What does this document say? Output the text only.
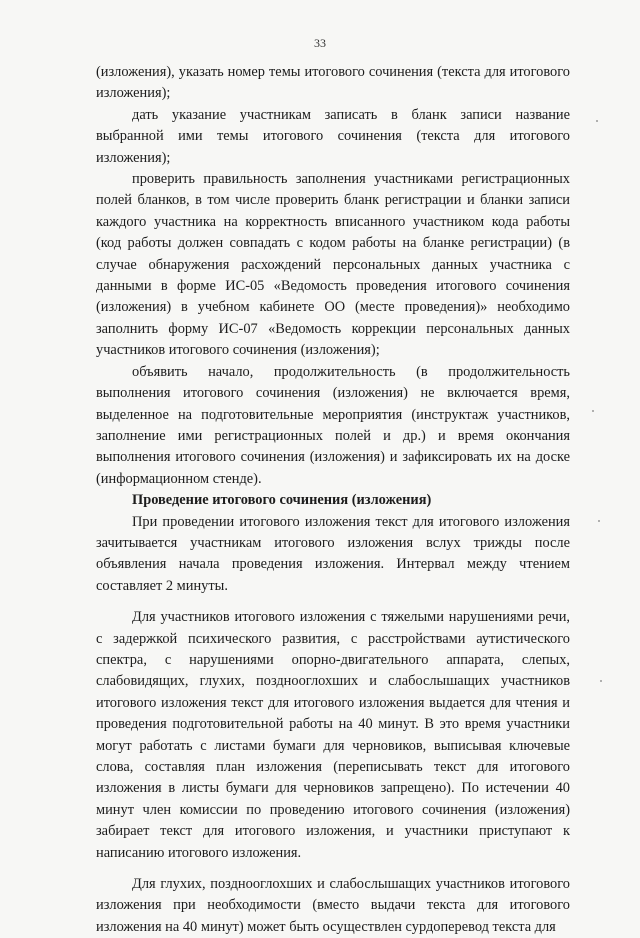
33

(изложения), указать номер темы итогового сочинения (текста для итогового изложения);

дать указание участникам записать в бланк записи название выбранной ими темы итогового сочинения (текста для итогового изложения);

проверить правильность заполнения участниками регистрационных полей бланков, в том числе проверить бланк регистрации и бланки записи каждого участника на корректность вписанного участником кода работы (код работы должен совпадать с кодом работы на бланке регистрации) (в случае обнаружения расхождений персональных данных участника с данными в форме ИС-05 «Ведомость проведения итогового сочинения (изложения) в учебном кабинете ОО (месте проведения)» необходимо заполнить форму ИС-07 «Ведомость коррекции персональных данных участников итогового сочинения (изложения);

объявить начало, продолжительность (в продолжительность выполнения итогового сочинения (изложения) не включается время, выделенное на подготовительные мероприятия (инструктаж участников, заполнение ими регистрационных полей и др.) и время окончания выполнения итогового сочинения (изложения) и зафиксировать их на доске (информационном стенде).

Проведение итогового сочинения (изложения)

При проведении итогового изложения текст для итогового изложения зачитывается участникам итогового изложения вслух трижды после объявления начала проведения изложения. Интервал между чтением составляет 2 минуты.

Для участников итогового изложения с тяжелыми нарушениями речи, с задержкой психического развития, с расстройствами аутистического спектра, с нарушениями опорно-двигательного аппарата, слепых, слабовидящих, глухих, позднооглохших и слабослышащих участников итогового изложения текст для итогового изложения выдается для чтения и проведения подготовительной работы на 40 минут. В это время участники могут работать с листами бумаги для черновиков, выписывая ключевые слова, составляя план изложения (переписывать текст для итогового изложения в листы бумаги для черновиков запрещено). По истечении 40 минут член комиссии по проведению итогового сочинения (изложения) забирает текст для итогового изложения, и участники приступают к написанию итогового изложения.

Для глухих, позднооглохших и слабослышащих участников итогового изложения при необходимости (вместо выдачи текста для итогового изложения на 40 минут) может быть осуществлен сурдоперевод текста для
